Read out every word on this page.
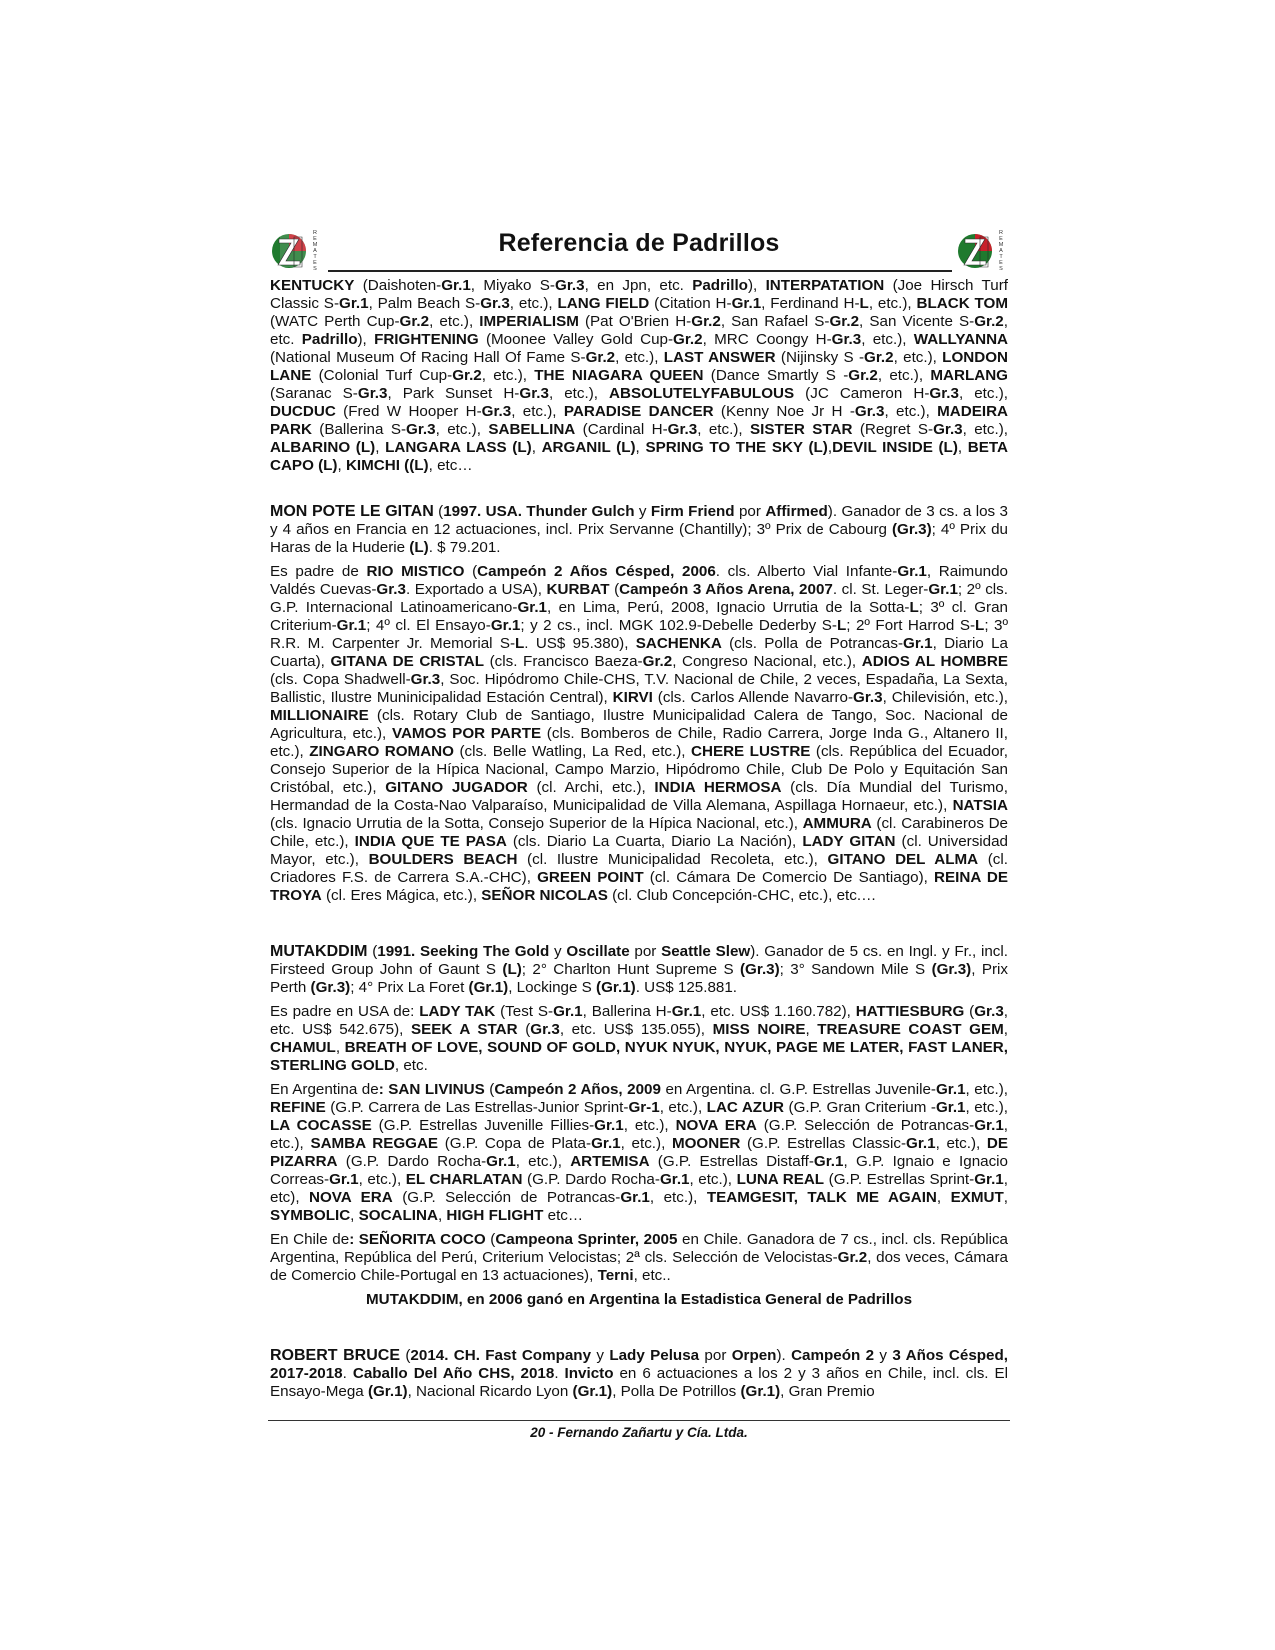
R
E
M
A
T
E
S
Referencia de Padrillos	R
E
M
A
T
E
S

KENTUCKY (Daishoten-Gr.1, Miyako S-Gr.3, en Jpn, etc. Padrillo), INTERPATATION (Joe Hirsch Turf Classic S-Gr.1, Palm Beach S-Gr.3, etc.), LANG FIELD (Citation H-Gr.1, Ferdinand H-L, etc.), BLACK TOM (WATC Perth Cup-Gr.2, etc.), IMPERIALISM (Pat O'Brien H-Gr.2, San Rafael S-Gr.2, San Vicente S-Gr.2, etc. Padrillo), FRIGHTENING (Moonee Valley Gold Cup-Gr.2, MRC Coongy H-Gr.3, etc.), WALLYANNA (National Museum Of Racing Hall Of Fame S-Gr.2, etc.), LAST ANSWER (Nijinsky S -Gr.2, etc.), LONDON LANE (Colonial Turf Cup-Gr.2, etc.), THE NIAGARA QUEEN (Dance Smartly S -Gr.2, etc.), MARLANG (Saranac S-Gr.3, Park Sunset H-Gr.3, etc.), ABSOLUTELYFABULOUS (JC Cameron H-Gr.3, etc.), DUCDUC (Fred W Hooper H-Gr.3, etc.), PARADISE DANCER (Kenny Noe Jr H -Gr.3, etc.), MADEIRA PARK (Ballerina S-Gr.3, etc.), SABELLINA (Cardinal H-Gr.3, etc.), SISTER STAR (Regret S-Gr.3, etc.), ALBARINO (L), LANGARA LASS (L), ARGANIL (L), SPRING TO THE SKY (L),DEVIL INSIDE (L), BETA CAPO (L), KIMCHI ((L), etc…

MON POTE LE GITAN (1997. USA. Thunder Gulch y Firm Friend por Affirmed). Ganador de 3 cs. a los 3 y 4 años en Francia en 12 actuaciones, incl. Prix Servanne (Chantilly); 3º Prix de Cabourg (Gr.3); 4º Prix du Haras de la Huderie (L). $ 79.201.

Es padre de RIO MISTICO (Campeón 2 Años Césped, 2006. cls. Alberto Vial Infante-Gr.1, Raimundo Valdés Cuevas-Gr.3. Exportado a USA), KURBAT (Campeón 3 Años Arena, 2007. cl. St. Leger-Gr.1; 2º cls. G.P. Internacional Latinoamericano-Gr.1, en Lima, Perú, 2008, Ignacio Urrutia de la Sotta-L; 3º cl. Gran Criterium-Gr.1; 4º cl. El Ensayo-Gr.1; y 2 cs., incl. MGK 102.9-Debelle Dederby S-L; 2º Fort Harrod S-L; 3º R.R. M. Carpenter Jr. Memorial S-L. US$ 95.380), SACHENKA (cls. Polla de Potrancas-Gr.1, Diario La Cuarta), GITANA DE CRISTAL (cls. Francisco Baeza-Gr.2, Congreso Nacional, etc.), ADIOS AL HOMBRE (cls. Copa Shadwell-Gr.3, Soc. Hipódromo Chile-CHS, T.V. Nacional de Chile, 2 veces, Espadaña, La Sexta, Ballistic, Ilustre Muninicipalidad Estación Central), KIRVI (cls. Carlos Allende Navarro-Gr.3, Chilevisión, etc.), MILLIONAIRE (cls. Rotary Club de Santiago, Ilustre Municipalidad Calera de Tango, Soc. Nacional de Agricultura, etc.), VAMOS POR PARTE (cls. Bomberos de Chile, Radio Carrera, Jorge Inda G., Altanero II, etc.), ZINGARO ROMANO (cls. Belle Watling, La Red, etc.), CHERE LUSTRE (cls. República del Ecuador, Consejo Superior de la Hípica Nacional, Campo Marzio, Hipódromo Chile, Club De Polo y Equitación San Cristóbal, etc.), GITANO JUGADOR (cl. Archi, etc.), INDIA HERMOSA (cls. Día Mundial del Turismo, Hermandad de la Costa-Nao Valparaíso, Municipalidad de Villa Alemana, Aspillaga Hornaeur, etc.), NATSIA (cls. Ignacio Urrutia de la Sotta, Consejo Superior de la Hípica Nacional, etc.), AMMURA (cl. Carabineros De Chile, etc.), INDIA QUE TE PASA (cls. Diario La Cuarta, Diario La Nación), LADY GITAN (cl. Universidad Mayor, etc.), BOULDERS BEACH (cl. Ilustre Municipalidad Recoleta, etc.), GITANO DEL ALMA (cl. Criadores F.S. de Carrera S.A.-CHC), GREEN POINT (cl. Cámara De Comercio De Santiago), REINA DE TROYA (cl. Eres Mágica, etc.), SEÑOR NICOLAS (cl. Club Concepción-CHC, etc.), etc.…

MUTAKDDIM (1991. Seeking The Gold y Oscillate por Seattle Slew). Ganador de 5 cs. en Ingl. y Fr., incl. Firsteed Group John of Gaunt S (L); 2° Charlton Hunt Supreme S (Gr.3); 3° Sandown Mile S (Gr.3), Prix Perth (Gr.3); 4° Prix La Foret (Gr.1), Lockinge S (Gr.1). US$ 125.881.

Es padre en USA de: LADY TAK (Test S-Gr.1, Ballerina H-Gr.1, etc. US$ 1.160.782), HATTIESBURG (Gr.3, etc. US$ 542.675), SEEK A STAR (Gr.3, etc. US$ 135.055), MISS NOIRE, TREASURE COAST GEM, CHAMUL, BREATH OF LOVE, SOUND OF GOLD, NYUK NYUK, NYUK, PAGE ME LATER, FAST LANER, STERLING GOLD, etc.

En Argentina de: SAN LIVINUS (Campeón 2 Años, 2009 en Argentina. cl. G.P. Estrellas Juvenile-Gr.1, etc.), REFINE (G.P. Carrera de Las Estrellas-Junior Sprint-Gr-1, etc.), LAC AZUR (G.P. Gran Criterium -Gr.1, etc.), LA COCASSE (G.P. Estrellas Juvenille Fillies-Gr.1, etc.), NOVA ERA (G.P. Selección de Potrancas-Gr.1, etc.), SAMBA REGGAE (G.P. Copa de Plata-Gr.1, etc.), MOONER (G.P. Estrellas Classic-Gr.1, etc.), DE PIZARRA (G.P. Dardo Rocha-Gr.1, etc.), ARTEMISA (G.P. Estrellas Distaff-Gr.1, G.P. Ignaio e Ignacio Correas-Gr.1, etc.), EL CHARLATAN (G.P. Dardo Rocha-Gr.1, etc.), LUNA REAL (G.P. Estrellas Sprint-Gr.1, etc), NOVA ERA (G.P. Selección de Potrancas-Gr.1, etc.), TEAMGESIT, TALK ME AGAIN, EXMUT, SYMBOLIC, SOCALINA, HIGH FLIGHT etc…

En Chile de: SEÑORITA COCO (Campeona Sprinter, 2005 en Chile. Ganadora de 7 cs., incl. cls. República Argentina, República del Perú, Criterium Velocistas; 2ª cls. Selección de Velocistas-Gr.2, dos veces, Cámara de Comercio Chile-Portugal en 13 actuaciones), Terni, etc..

MUTAKDDIM, en 2006 ganó en Argentina la Estadistica General de Padrillos

ROBERT BRUCE (2014. CH. Fast Company y Lady Pelusa por Orpen). Campeón 2 y 3 Años Césped, 2017-2018. Caballo Del Año CHS, 2018. Invicto en 6 actuaciones a los 2 y 3 años en Chile, incl. cls. El Ensayo-Mega (Gr.1), Nacional Ricardo Lyon (Gr.1), Polla De Potrillos (Gr.1), Gran Premio

20 - Fernando Zañartu y Cía. Ltda.
